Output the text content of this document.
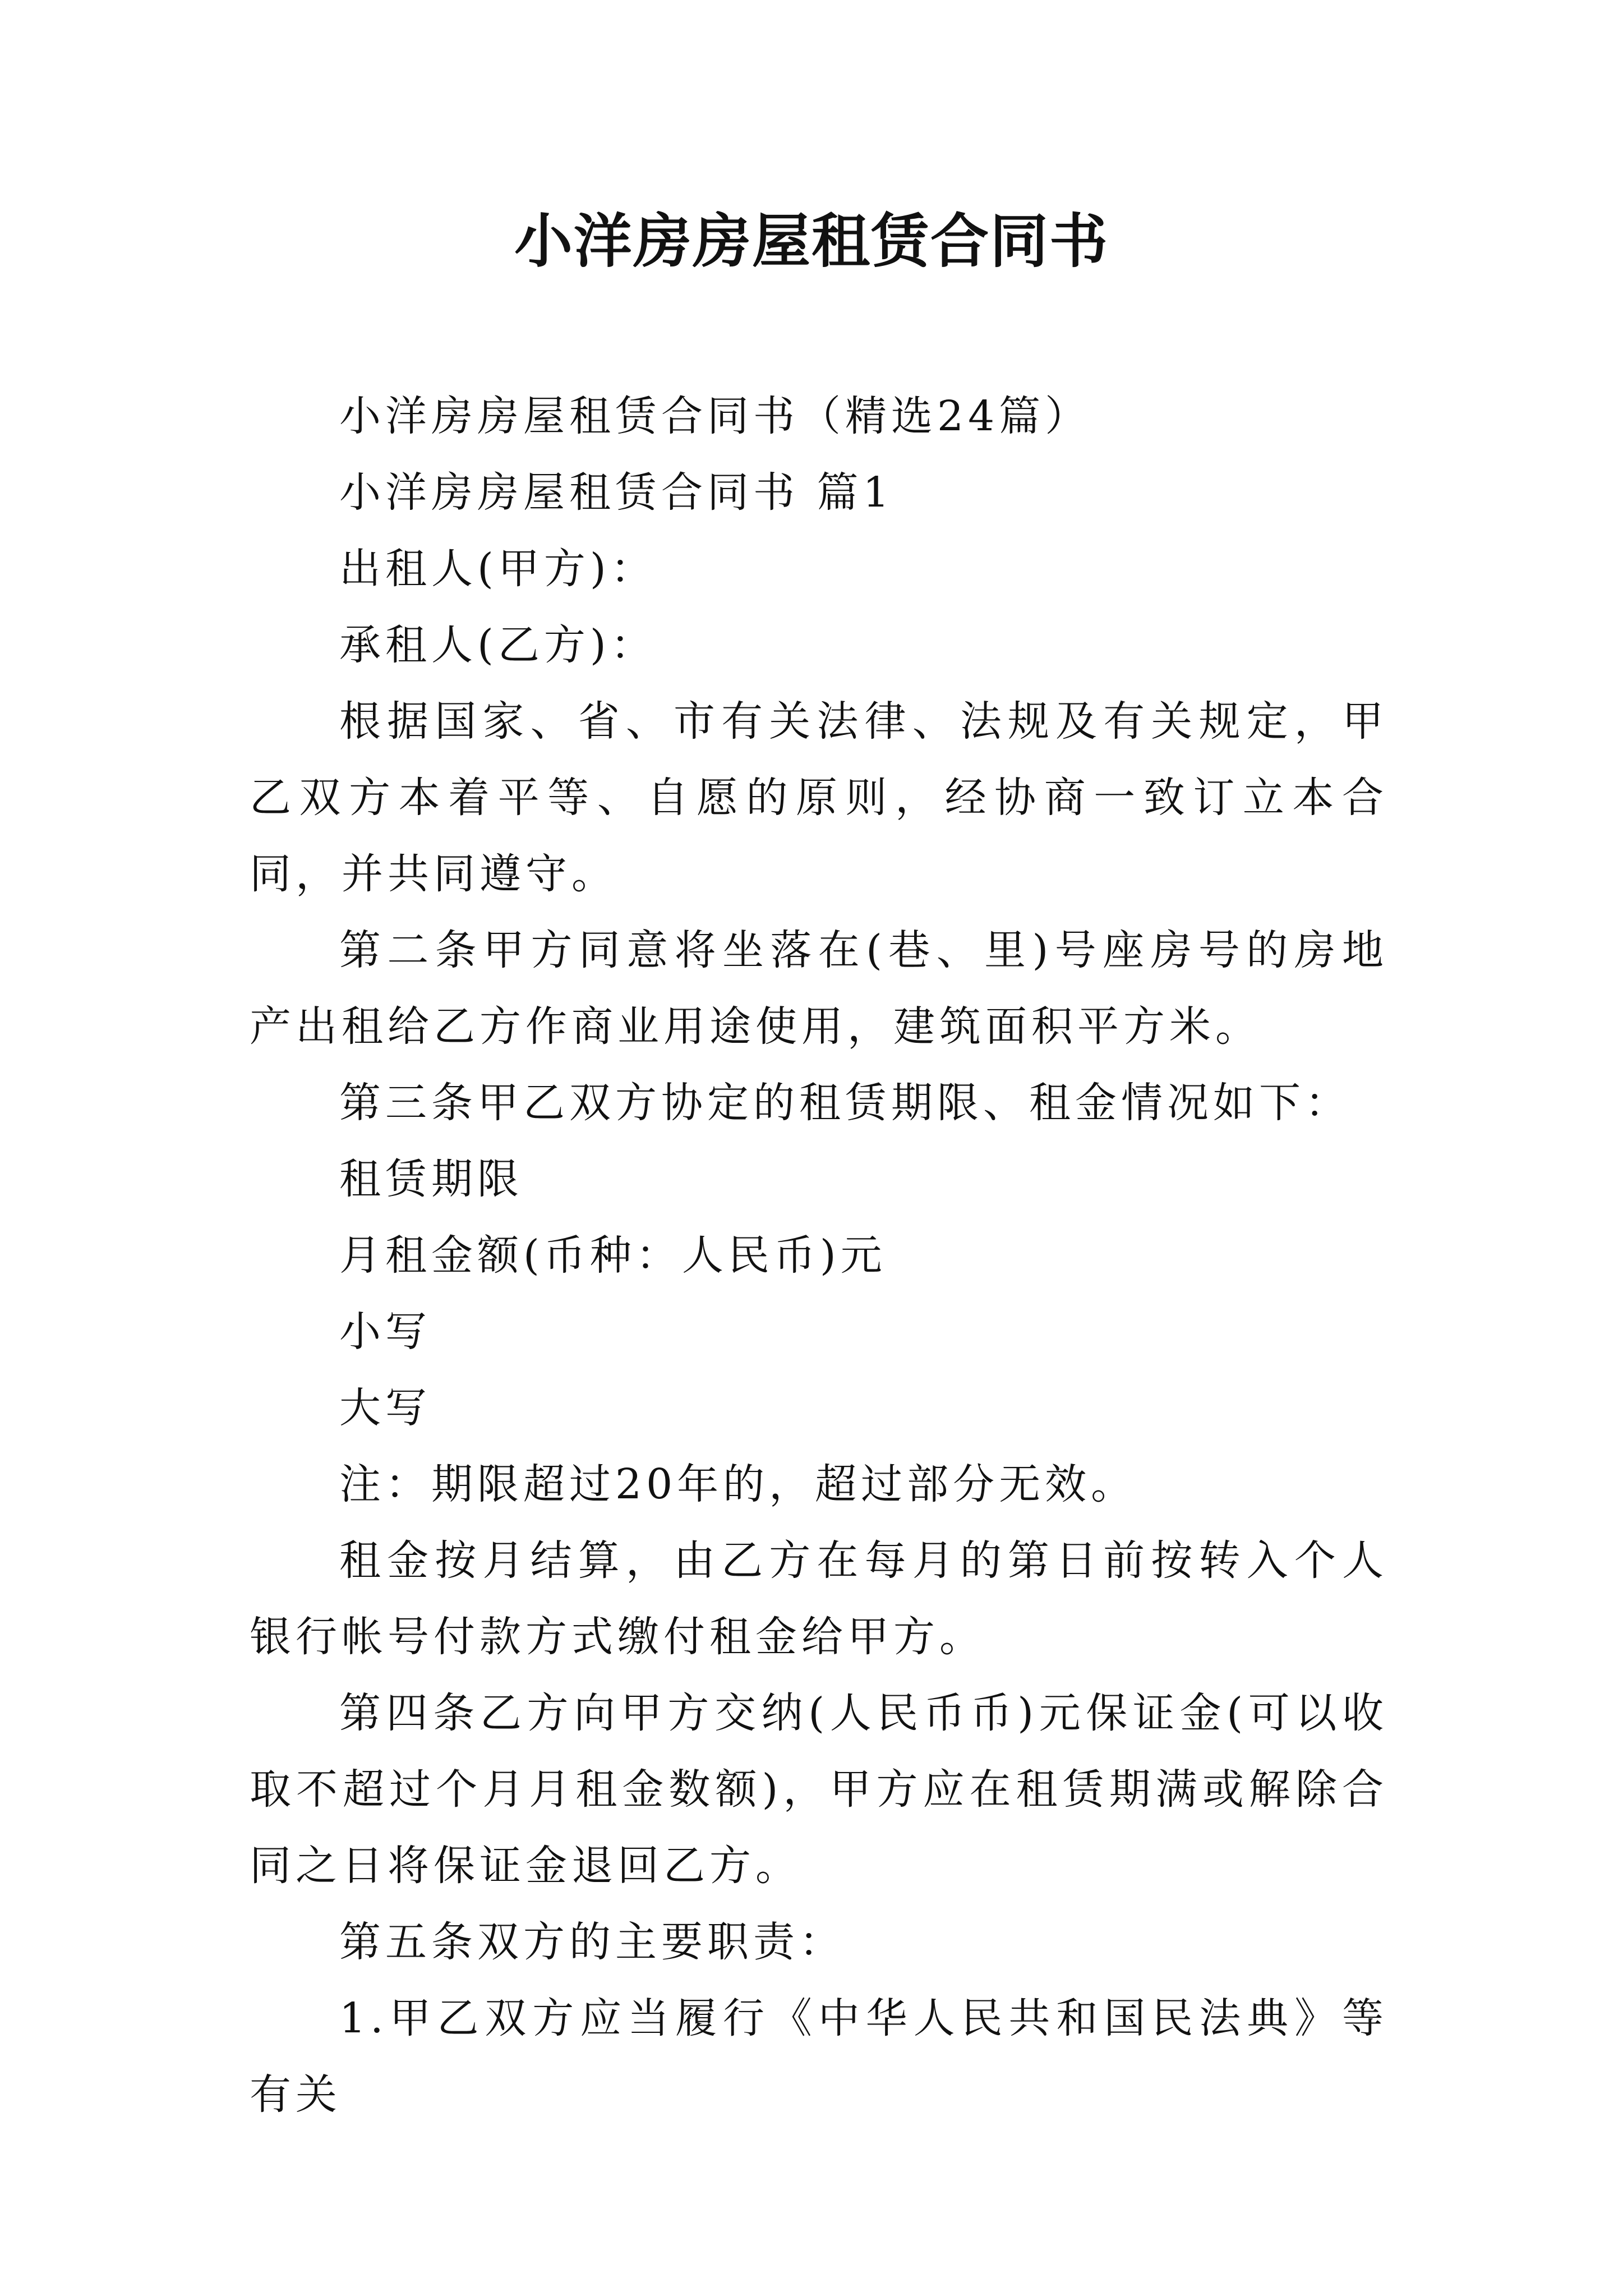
小洋房房屋租赁合同书

小洋房房屋租赁合同书（精选24篇）

小洋房房屋租赁合同书 篇1

出租人(甲方)：

承租人(乙方)：

根据国家、省、市有关法律、法规及有关规定，甲乙双方本着平等、自愿的原则，经协商一致订立本合同，并共同遵守。

第二条甲方同意将坐落在(巷、里)号座房号的房地产出租给乙方作商业用途使用，建筑面积平方米。

第三条甲乙双方协定的租赁期限、租金情况如下：

租赁期限

月租金额(币种：人民币)元

小写

大写

注：期限超过20年的，超过部分无效。

租金按月结算，由乙方在每月的第日前按转入个人银行帐号付款方式缴付租金给甲方。

第四条乙方向甲方交纳(人民币币)元保证金(可以收取不超过个月月租金数额)，甲方应在租赁期满或解除合同之日将保证金退回乙方。

第五条双方的主要职责：

1.甲乙双方应当履行《中华人民共和国民法典》等有关
